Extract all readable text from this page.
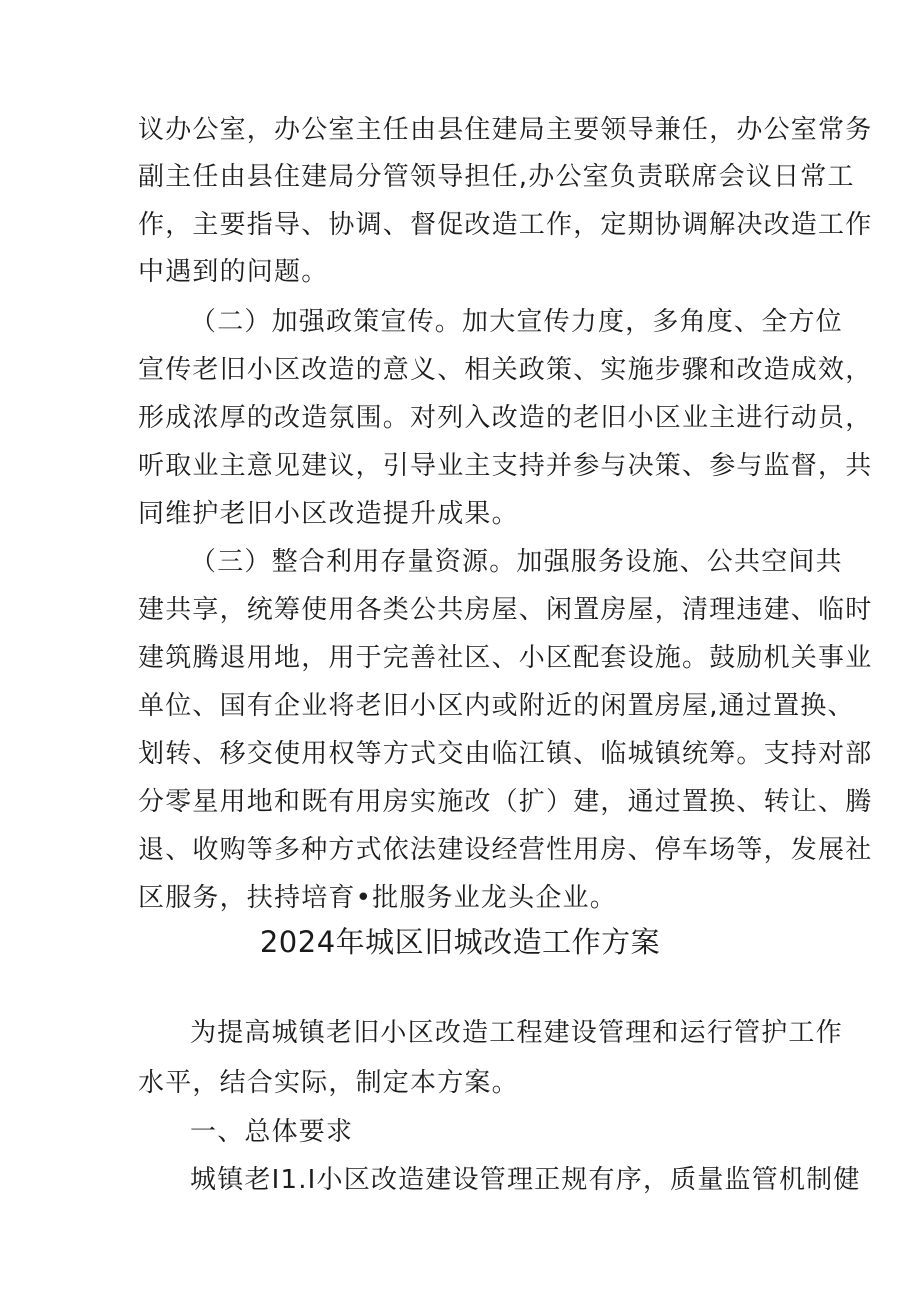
议办公室，办公室主任由县住建局主要领导兼任，办公室常务
副主任由县住建局分管领导担任,办公室负责联席会议日常工
作，主要指导、协调、督促改造工作，定期协调解决改造工作
中遇到的问题。
（二）加强政策宣传。加大宣传力度，多角度、全方位
宣传老旧小区改造的意义、相关政策、实施步骤和改造成效，
形成浓厚的改造氛围。对列入改造的老旧小区业主进行动员，
听取业主意见建议，引导业主支持并参与决策、参与监督，共
同维护老旧小区改造提升成果。
（三）整合利用存量资源。加强服务设施、公共空间共
建共享，统筹使用各类公共房屋、闲置房屋，清理违建、临时
建筑腾退用地，用于完善社区、小区配套设施。鼓励机关事业
单位、国有企业将老旧小区内或附近的闲置房屋,通过置换、
划转、移交使用权等方式交由临江镇、临城镇统筹。支持对部
分零星用地和既有用房实施改（扩）建，通过置换、转让、腾
退、收购等多种方式依法建设经营性用房、停车场等，发展社
区服务，扶持培育•批服务业龙头企业。
2024年城区旧城改造工作方案
为提高城镇老旧小区改造工程建设管理和运行管护工作
水平，结合实际，制定本方案。
一、总体要求
城镇老I1.I小区改造建设管理正规有序，质量监管机制健
